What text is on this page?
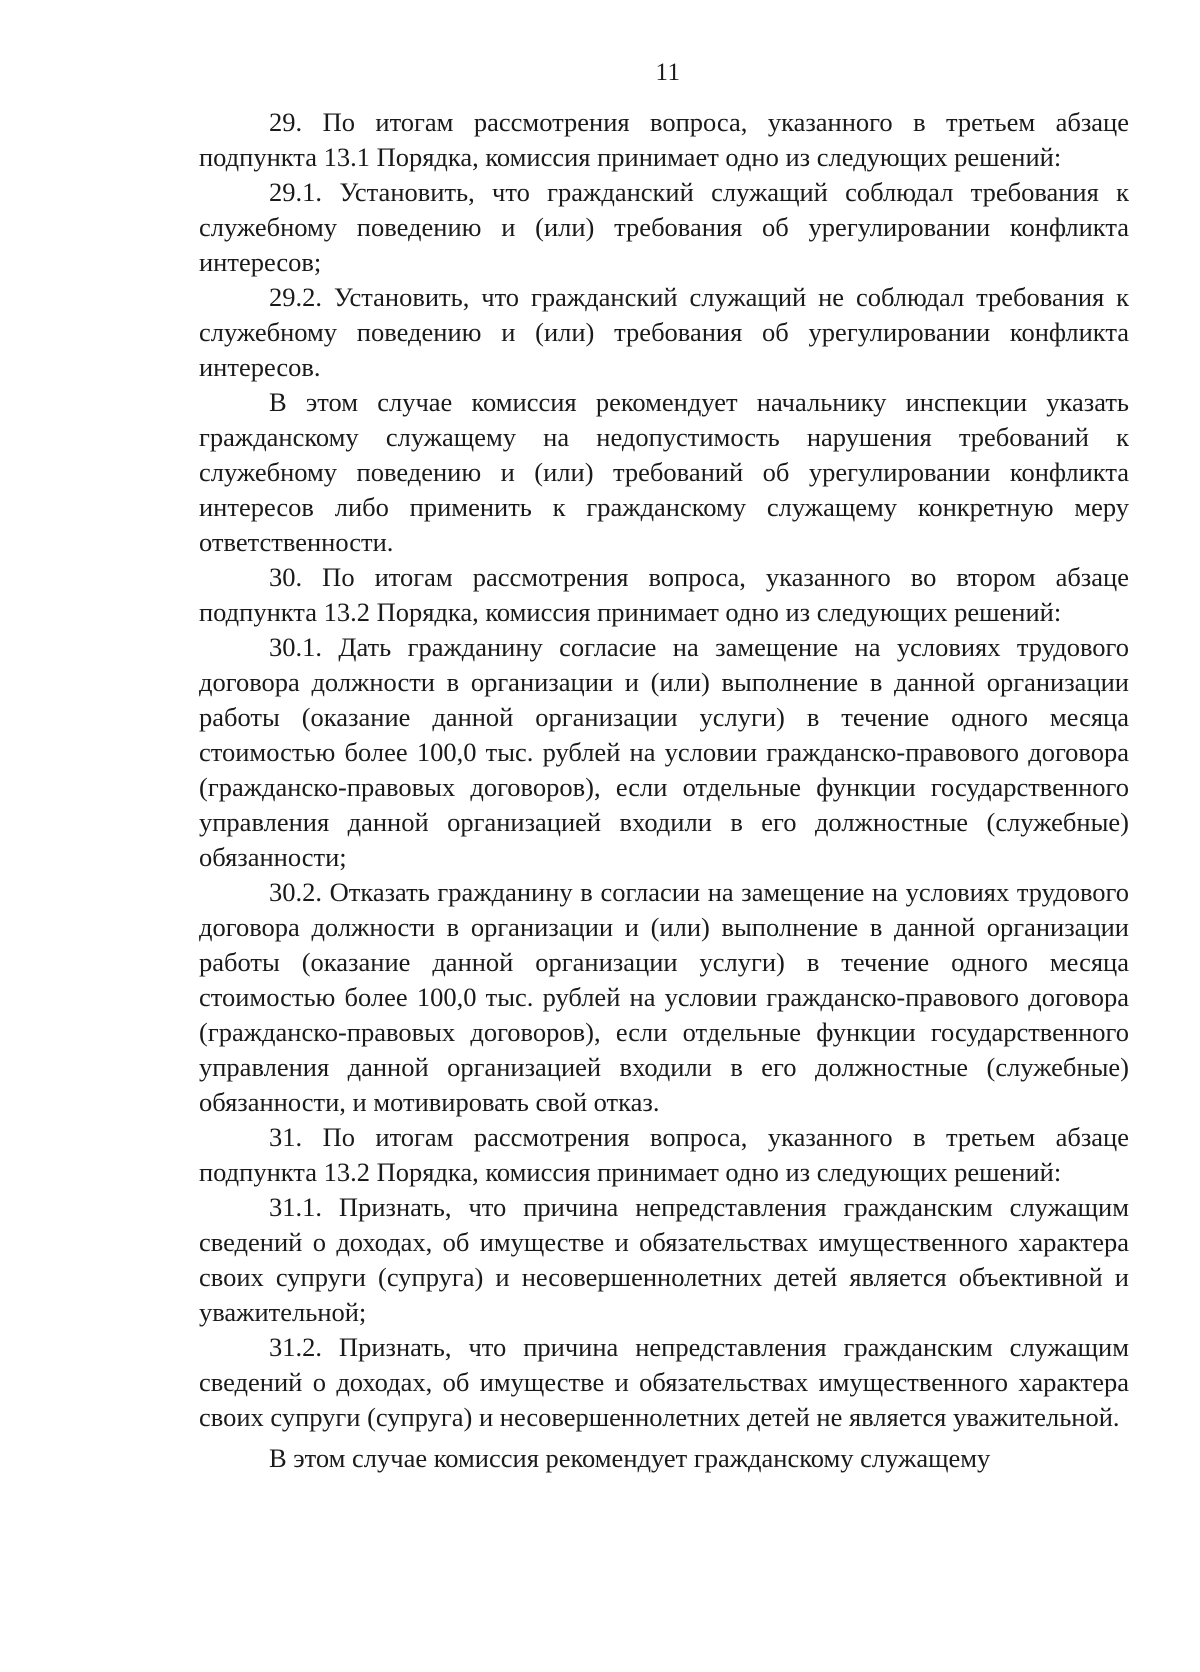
11

29. По итогам рассмотрения вопроса, указанного в третьем абзаце подпункта 13.1 Порядка, комиссия принимает одно из следующих решений:

29.1. Установить, что гражданский служащий соблюдал требования к служебному поведению и (или) требования об урегулировании конфликта интересов;

29.2. Установить, что гражданский служащий не соблюдал требования к служебному поведению и (или) требования об урегулировании конфликта интересов.

В этом случае комиссия рекомендует начальнику инспекции указать гражданскому служащему на недопустимость нарушения требований к служебному поведению и (или) требований об урегулировании конфликта интересов либо применить к гражданскому служащему конкретную меру ответственности.

30. По итогам рассмотрения вопроса, указанного во втором абзаце подпункта 13.2 Порядка, комиссия принимает одно из следующих решений:

30.1. Дать гражданину согласие на замещение на условиях трудового договора должности в организации и (или) выполнение в данной организации работы (оказание данной организации услуги) в течение одного месяца стоимостью более 100,0 тыс. рублей на условии гражданско-правового договора (гражданско-правовых договоров), если отдельные функции государственного управления данной организацией входили в его должностные (служебные) обязанности;

30.2. Отказать гражданину в согласии на замещение на условиях трудового договора должности в организации и (или) выполнение в данной организации работы (оказание данной организации услуги) в течение одного месяца стоимостью более 100,0 тыс. рублей на условии гражданско-правового договора (гражданско-правовых договоров), если отдельные функции государственного управления данной организацией входили в его должностные (служебные) обязанности, и мотивировать свой отказ.

31. По итогам рассмотрения вопроса, указанного в третьем абзаце подпункта 13.2 Порядка, комиссия принимает одно из следующих решений:

31.1. Признать, что причина непредставления гражданским служащим сведений о доходах, об имуществе и обязательствах имущественного характера своих супруги (супруга) и несовершеннолетних детей является объективной и уважительной;

31.2. Признать, что причина непредставления гражданским служащим сведений о доходах, об имуществе и обязательствах имущественного характера своих супруги (супруга) и несовершеннолетних детей не является уважительной.

В этом случае комиссия рекомендует гражданскому служащему
